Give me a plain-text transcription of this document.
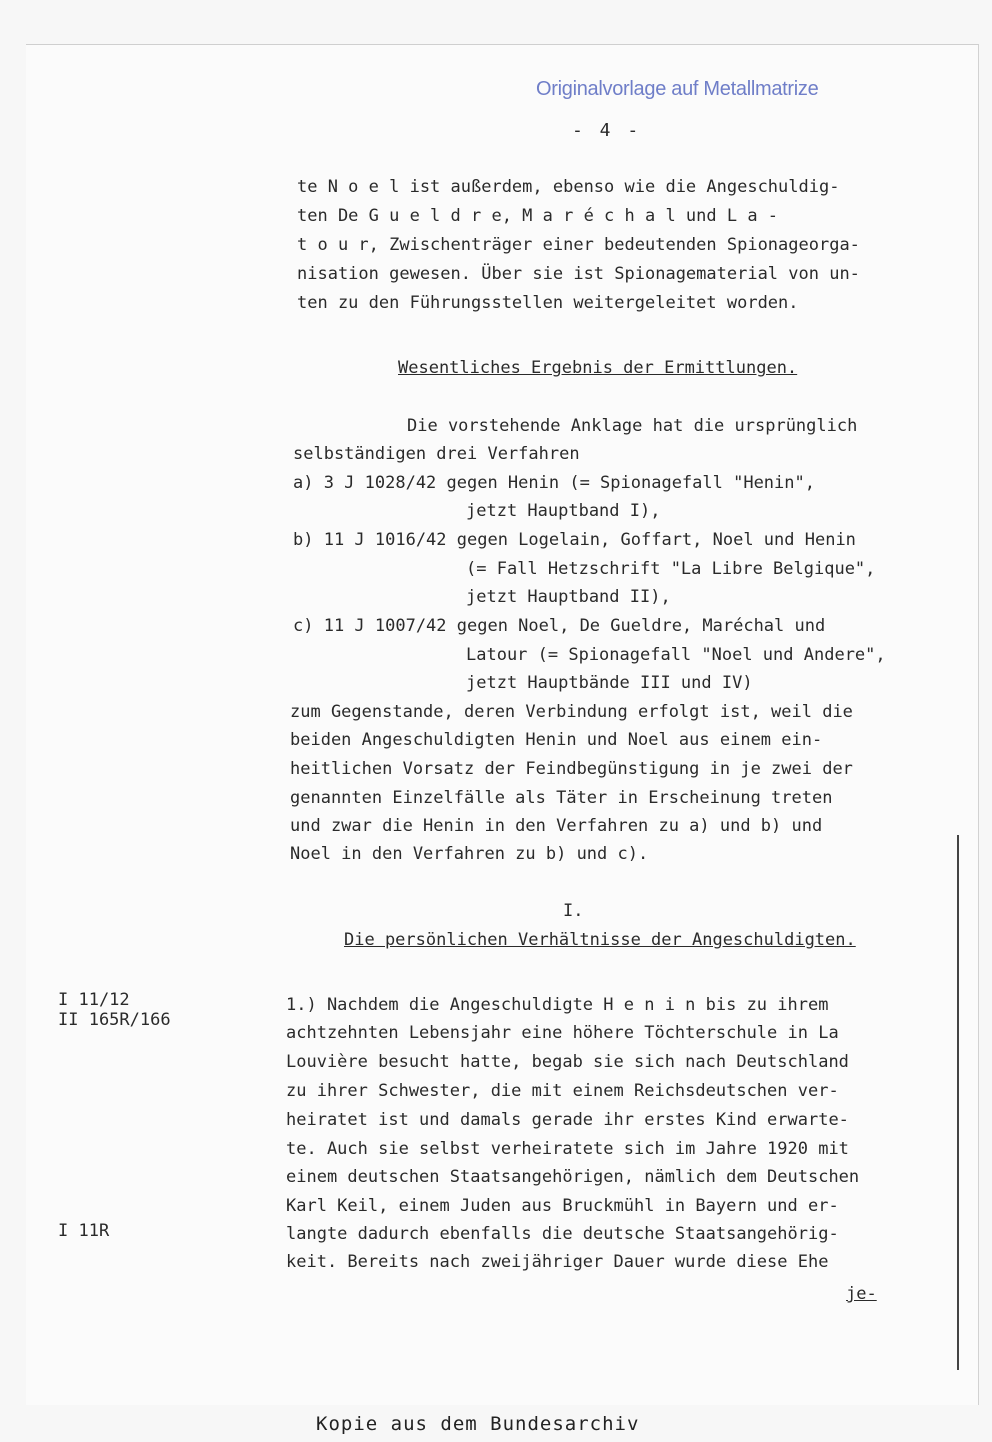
Originalvorlage auf Metallmatrize
- 4 -
te N o e l ist außerdem, ebenso wie die Angeschuldig-
ten De G u e l d r e, M a r é c h a l und L a -
t o u r, Zwischenträger einer bedeutenden Spionageorga-
nisation gewesen. Über sie ist Spionagematerial von un-
ten zu den Führungsstellen weitergeleitet worden.
Wesentliches Ergebnis der Ermittlungen.
Die vorstehende Anklage hat die ursprünglich
selbständigen drei Verfahren
a) 3 J 1028/42 gegen Henin (= Spionagefall "Henin",
jetzt Hauptband I),
b) 11 J 1016/42 gegen Logelain, Goffart, Noel und Henin
(= Fall Hetzschrift "La Libre Belgique",
jetzt Hauptband II),
c) 11 J 1007/42 gegen Noel, De Gueldre, Maréchal und
Latour (= Spionagefall "Noel und Andere",
jetzt Hauptbände III und IV)
zum Gegenstande, deren Verbindung erfolgt ist, weil die
beiden Angeschuldigten Henin und Noel aus einem ein-
heitlichen Vorsatz der Feindbegünstigung in je zwei der
genannten Einzelfälle als Täter in Erscheinung treten
und zwar die Henin in den Verfahren zu a) und b) und
Noel in den Verfahren zu b) und c).
I.
Die persönlichen Verhältnisse der Angeschuldigten.
I 11/12
II 165R/166
I 11R
1.) Nachdem die Angeschuldigte H e n i n bis zu ihrem
achtzehnten Lebensjahr eine höhere Töchterschule in La
Louvière besucht hatte, begab sie sich nach Deutschland
zu ihrer Schwester, die mit einem Reichsdeutschen ver-
heiratet ist und damals gerade ihr erstes Kind erwarte-
te. Auch sie selbst verheiratete sich im Jahre 1920 mit
einem deutschen Staatsangehörigen, nämlich dem Deutschen
Karl Keil, einem Juden aus Bruckmühl in Bayern und er-
langte dadurch ebenfalls die deutsche Staatsangehörig-
keit. Bereits nach zweijähriger Dauer wurde diese Ehe
je-
Kopie aus dem Bundesarchiv
